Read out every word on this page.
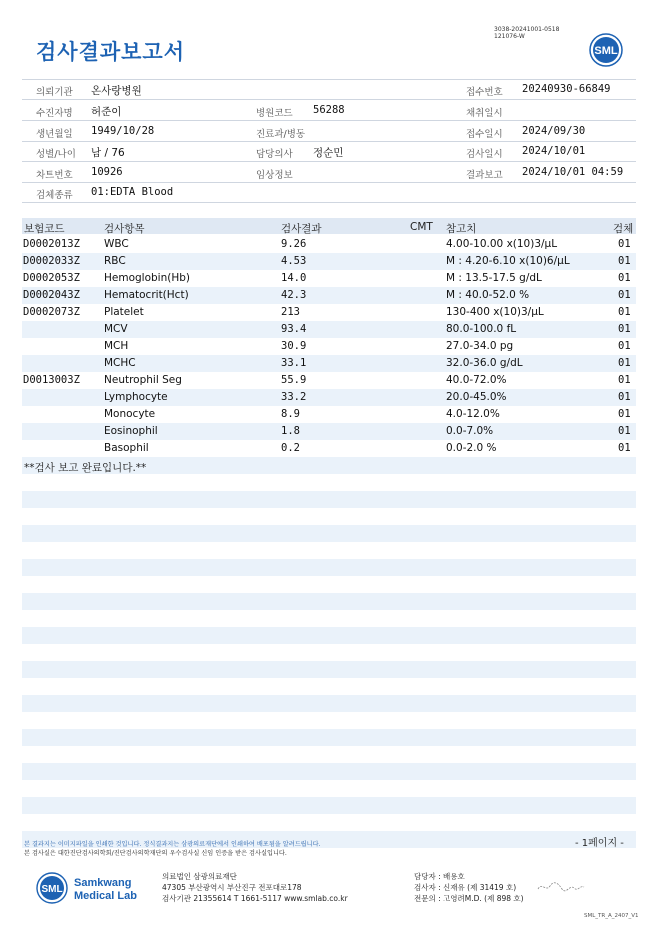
검사결과보고서
3038-20241001-0518
121076-W
SML
의뢰기관 온사랑병원	접수번호 20240930-66849
수진자명 허준이	병원코드 56288	채취일시
생년월일 1949/10/28	진료과/병동	접수일시 2024/09/30
성별/나이 남 / 76	담당의사 정순민	검사일시 2024/10/01
차트번호 10926	임상정보	결과보고 2024/10/01 04:59
검체종류 01:EDTA Blood
보험코드	검사항목	검사결과	CMT 참고치	검체
D0002013Z WBC	9.26	4.00-10.00 x(10)3/μL	01
D0002033Z RBC	4.53	M : 4.20-6.10 x(10)6/μL	01
D0002053Z Hemoglobin(Hb)	14.0	M : 13.5-17.5 g/dL	01
D0002043Z Hematocrit(Hct)	42.3	M : 40.0-52.0 %	01
D0002073Z Platelet	213	130-400 x(10)3/μL	01
MCV	93.4	80.0-100.0 fL	01
MCH	30.9	27.0-34.0 pg	01
MCHC	33.1	32.0-36.0 g/dL	01
D0013003Z Neutrophil Seg	55.9	40.0-72.0%	01
Lymphocyte	33.2	20.0-45.0%	01
Monocyte	8.9	4.0-12.0%	01
Eosinophil	1.8	0.0-7.0%	01
Basophil	0.2	0.0-2.0 %	01
**검사 보고 완료입니다.**
- 1페이지 -
본 결과지는 이미지파일을 인쇄한 것입니다. 정식결과지는 삼광의료재단에서 인쇄하여 배포됨을 알려드립니다.
본 검사실은 대한진단검사의학회/진단검사의학재단의 우수검사실 신임 인증을 받은 검사실입니다.
SML
Samkwang
Medical Lab
의료법인 삼광의료재단
47305 부산광역시 부산진구 전포대로178
검사기관 21355614 T 1661-5117 www.smlab.co.kr
담당자 : 배용호
검사자 : 신재유 (제 31419 호)
전문의 : 고영려M.D. (제 898 호)
SML_TR_A_2407_V1
